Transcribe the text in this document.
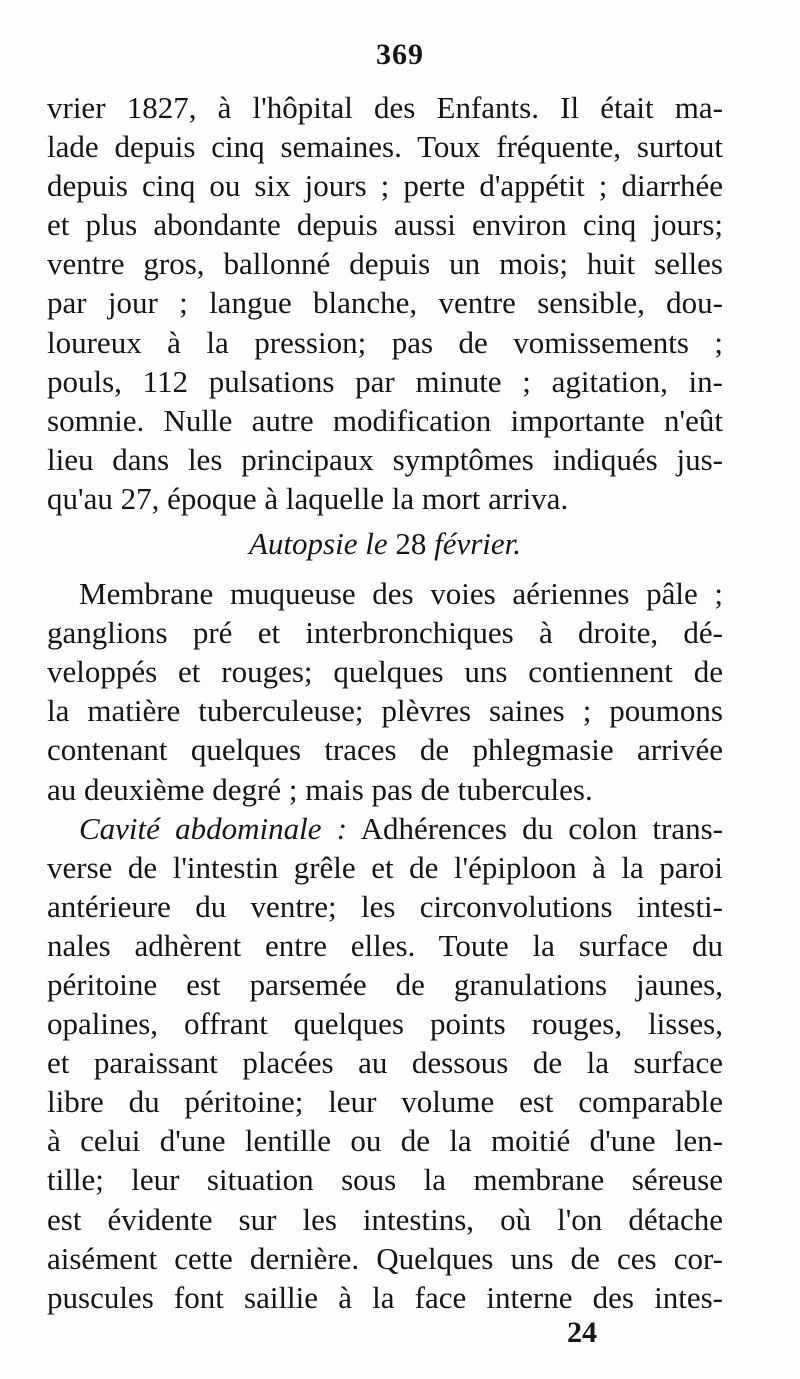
369
vrier 1827, à l'hôpital des Enfants. Il était ma-
lade depuis cinq semaines. Toux fréquente, surtout
depuis cinq ou six jours ; perte d'appétit ; diarrhée
et plus abondante depuis aussi environ cinq jours;
ventre gros, ballonné depuis un mois; huit selles
par jour ; langue blanche, ventre sensible, dou-
loureux à la pression; pas de vomissements ;
pouls, 112 pulsations par minute ; agitation, in-
somnie. Nulle autre modification importante n'eût
lieu dans les principaux symptômes indiqués jus-
qu'au 27, époque à laquelle la mort arriva.
Autopsie le 28 février.
Membrane muqueuse des voies aériennes pâle ;
ganglions pré et interbronchiques à droite, dé-
veloppés et rouges; quelques uns contiennent de
la matière tuberculeuse; plèvres saines ; poumons
contenant quelques traces de phlegmasie arrivée
au deuxième degré ; mais pas de tubercules.
Cavité abdominale : Adhérences du colon trans-
verse de l'intestin grêle et de l'épiploon à la paroi
antérieure du ventre; les circonvolutions intesti-
nales adhèrent entre elles. Toute la surface du
péritoine est parsemée de granulations jaunes,
opalines, offrant quelques points rouges, lisses,
et paraissant placées au dessous de la surface
libre du péritoine; leur volume est comparable
à celui d'une lentille ou de la moitié d'une len-
tille; leur situation sous la membrane séreuse
est évidente sur les intestins, où l'on détache
aisément cette dernière. Quelques uns de ces cor-
puscules font saillie à la face interne des intes-
24
